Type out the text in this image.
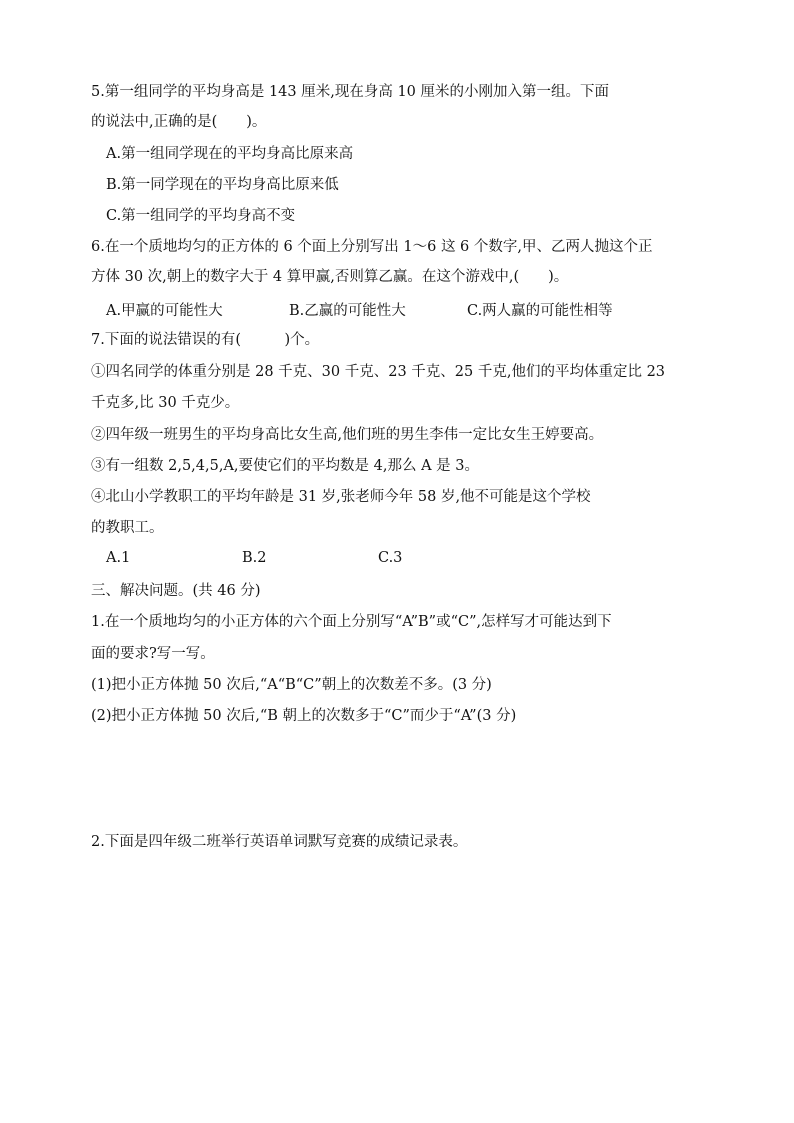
5.第一组同学的平均身高是 143 厘米,现在身高 10 厘米的小刚加入第一组。下面
的说法中,正确的是(　　)。
A.第一组同学现在的平均身高比原来高
B.第一同学现在的平均身高比原来低
C.第一组同学的平均身高不变
6.在一个质地均匀的正方体的 6 个面上分别写出 1～6 这 6 个数字,甲、乙两人抛这个正
方体 30 次,朝上的数字大于 4 算甲赢,否则算乙赢。在这个游戏中,(　　)。
A.甲赢的可能性大	B.乙赢的可能性大	C.两人赢的可能性相等
7.下面的说法错误的有(　　　)个。
①四名同学的体重分别是 28 千克、30 千克、23 千克、25 千克,他们的平均体重定比 23
千克多,比 30 千克少。
②四年级一班男生的平均身高比女生高,他们班的男生李伟一定比女生王婷要高。
③有一组数 2,5,4,5,A,要使它们的平均数是 4,那么 A 是 3。
④北山小学教职工的平均年龄是 31 岁,张老师今年 58 岁,他不可能是这个学校
的教职工。
A.1	B.2	C.3
三、解决问题。(共 46 分)
1.在一个质地均匀的小正方体的六个面上分别写“A”B”或“C”,怎样写才可能达到下
面的要求?写一写。
(1)把小正方体抛 50 次后,“A“B“C”朝上的次数差不多。(3 分)
(2)把小正方体抛 50 次后,“B 朝上的次数多于“C”而少于“A”(3 分)
2.下面是四年级二班举行英语单词默写竞赛的成绩记录表。
